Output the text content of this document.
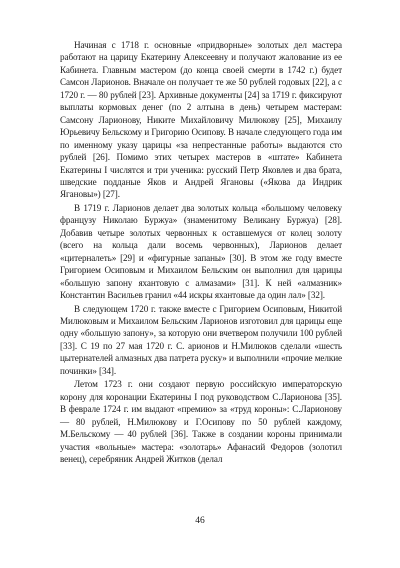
Начиная с 1718 г. основные «придворные» золотых дел мастера работают на царицу Екатерину Алексеевну и получают жалование из ее Кабинета. Главным мастером (до конца своей смерти в 1742 г.) будет Самсон Ларионов. Вначале он получает те же 50 рублей годовых [22], а с 1720 г. — 80 рублей [23]. Архивные документы [24] за 1719 г. фиксируют выплаты кормовых денег (по 2 алтына в день) четырем мастерам: Самсону Ларионову, Никите Михайловичу Милюкову [25], Михаилу Юрьевичу Бельскому и Григорию Осипову. В начале следующего года им по именному указу царицы «за непрестанные работы» выдаются сто рублей [26]. Помимо этих четырех мастеров в «штате» Кабинета Екатерины I числятся и три ученика: русский Петр Яковлев и два брата, шведские подданые Яков и Андрей Ягановы («Якова да Индрик Ягановы») [27].

В 1719 г. Ларионов делает два золотых кольца «большому человеку французу Николаю Буржуа» (знаменитому Великану Буржуа) [28]. Добавив четыре золотых червонных к оставшемуся от колец золоту (всего на кольца дали восемь червонных), Ларионов делает «цитерналеть» [29] и «фигурные запаны» [30]. В этом же году вместе Григорием Осиповым и Михаилом Бельским он выполнил для царицы «большую запону яхантовую с алмазами» [31]. К ней «алмазник» Константин Васильев гранил «44 искры яхантовые да один лал» [32].

В следующем 1720 г. также вместе с Григорием Осиповым, Никитой Милюковым и Михаилом Бельским Ларионов изготовил для царицы еще одну «большую запону», за которую они вчетвером получили 100 рублей [33]. С 19 по 27 мая 1720 г. С. арионов и Н.Милюков сделали «шесть цытернателей алмазных два патрета руску» и выполнили «прочие мелкие починки» [34].

Летом 1723 г. они создают первую российскую императорскую корону для коронации Екатерины I под руководством С.Ларионова [35]. В феврале 1724 г. им выдают «премию» за «труд короны»: С.Ларионову — 80 рублей, Н.Милюкову и Г.Осипову по 50 рублей каждому, М.Бельскому — 40 рублей [36]. Также в создании короны принимали участия «вольные» мастера: «золотарь» Афанасий Федоров (золотил венец), серебряник Андрей Житков (делал

46
